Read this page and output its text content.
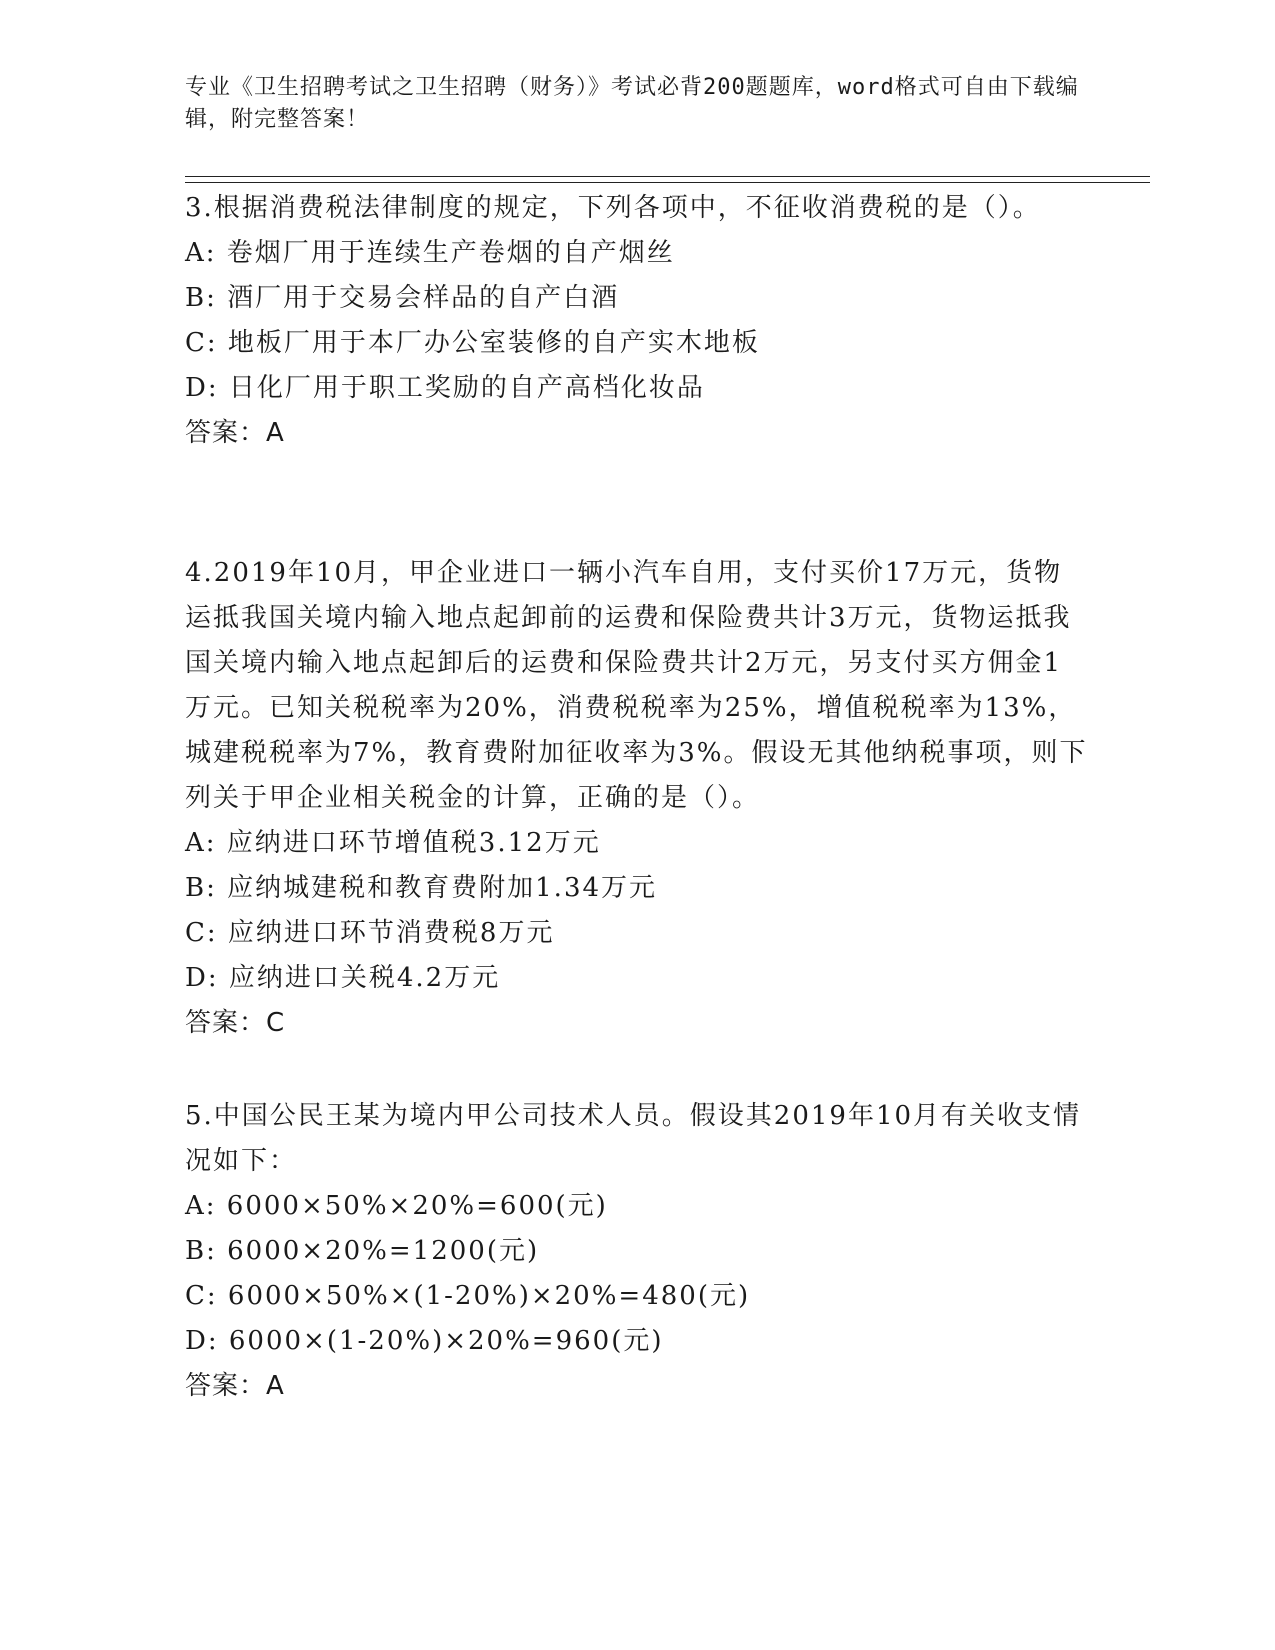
专业《卫生招聘考试之卫生招聘（财务）》考试必背200题题库，word格式可自由下载编辑，附完整答案！

3.根据消费税法律制度的规定，下列各项中，不征收消费税的是（）。

A: 卷烟厂用于连续生产卷烟的自产烟丝

B: 酒厂用于交易会样品的自产白酒

C: 地板厂用于本厂办公室装修的自产实木地板

D: 日化厂用于职工奖励的自产高档化妆品

答案：A

4.2019年10月，甲企业进口一辆小汽车自用，支付买价17万元，货物运抵我国关境内输入地点起卸前的运费和保险费共计3万元，货物运抵我国关境内输入地点起卸后的运费和保险费共计2万元，另支付买方佣金1万元。已知关税税率为20%，消费税税率为25%，增值税税率为13%，城建税税率为7%，教育费附加征收率为3%。假设无其他纳税事项，则下列关于甲企业相关税金的计算，正确的是（）。

A: 应纳进口环节增值税3.12万元

B: 应纳城建税和教育费附加1.34万元

C: 应纳进口环节消费税8万元

D: 应纳进口关税4.2万元

答案：C

5.中国公民王某为境内甲公司技术人员。假设其2019年10月有关收支情况如下：

A: 6000×50%×20%=600(元)

B: 6000×20%=1200(元)

C: 6000×50%×(1-20%)×20%=480(元)

D: 6000×(1-20%)×20%=960(元)

答案：A
